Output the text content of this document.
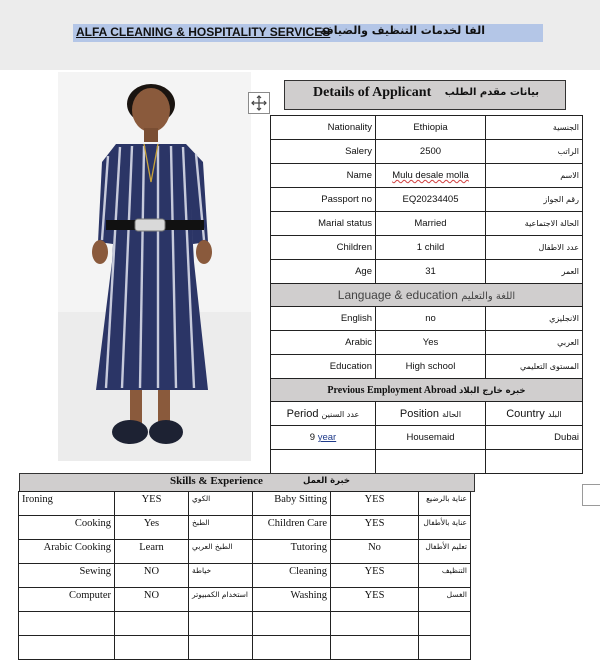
ALFA CLEANING & HOSPITALITY SERVICES
الفا لخدمات التنظيف والضيافة
Details of Applicant بيانات مقدم الطلب
Nationality	Ethiopia	الجنسية
Salery	2500	الراتب
Name	Mulu desale molla	الاسم
Passport no	EQ20234405	رقم الجواز
Marial status	Married	الحالة الاجتماعية
Children	1 child	عدد الاطفال
Age	31	العمر
Language & education اللغة والتعليم		
English	no	الانجليزي
Arabic	Yes	العربي
Education	High school	المستوى التعليمي
Previous Employment Abroad خبره خارج البلاد		
Period عدد السنين	Position الحالة	Country البلد
9 year	Housemaid	Dubai

Skills & Experience	خبرة العمل
Ironing	YES	الكوي	Baby Sitting	YES	عناية بالرضيع
Cooking	Yes	الطبخ	Children Care	YES	عناية بالأطفال
Arabic Cooking	Learn	الطبخ العربي	Tutoring	No	تعليم الأطفال
Sewing	NO	خياطة	Cleaning	YES	التنظيف
Computer	NO	استخدام الكمبيوتر	Washing	YES	الغسل
